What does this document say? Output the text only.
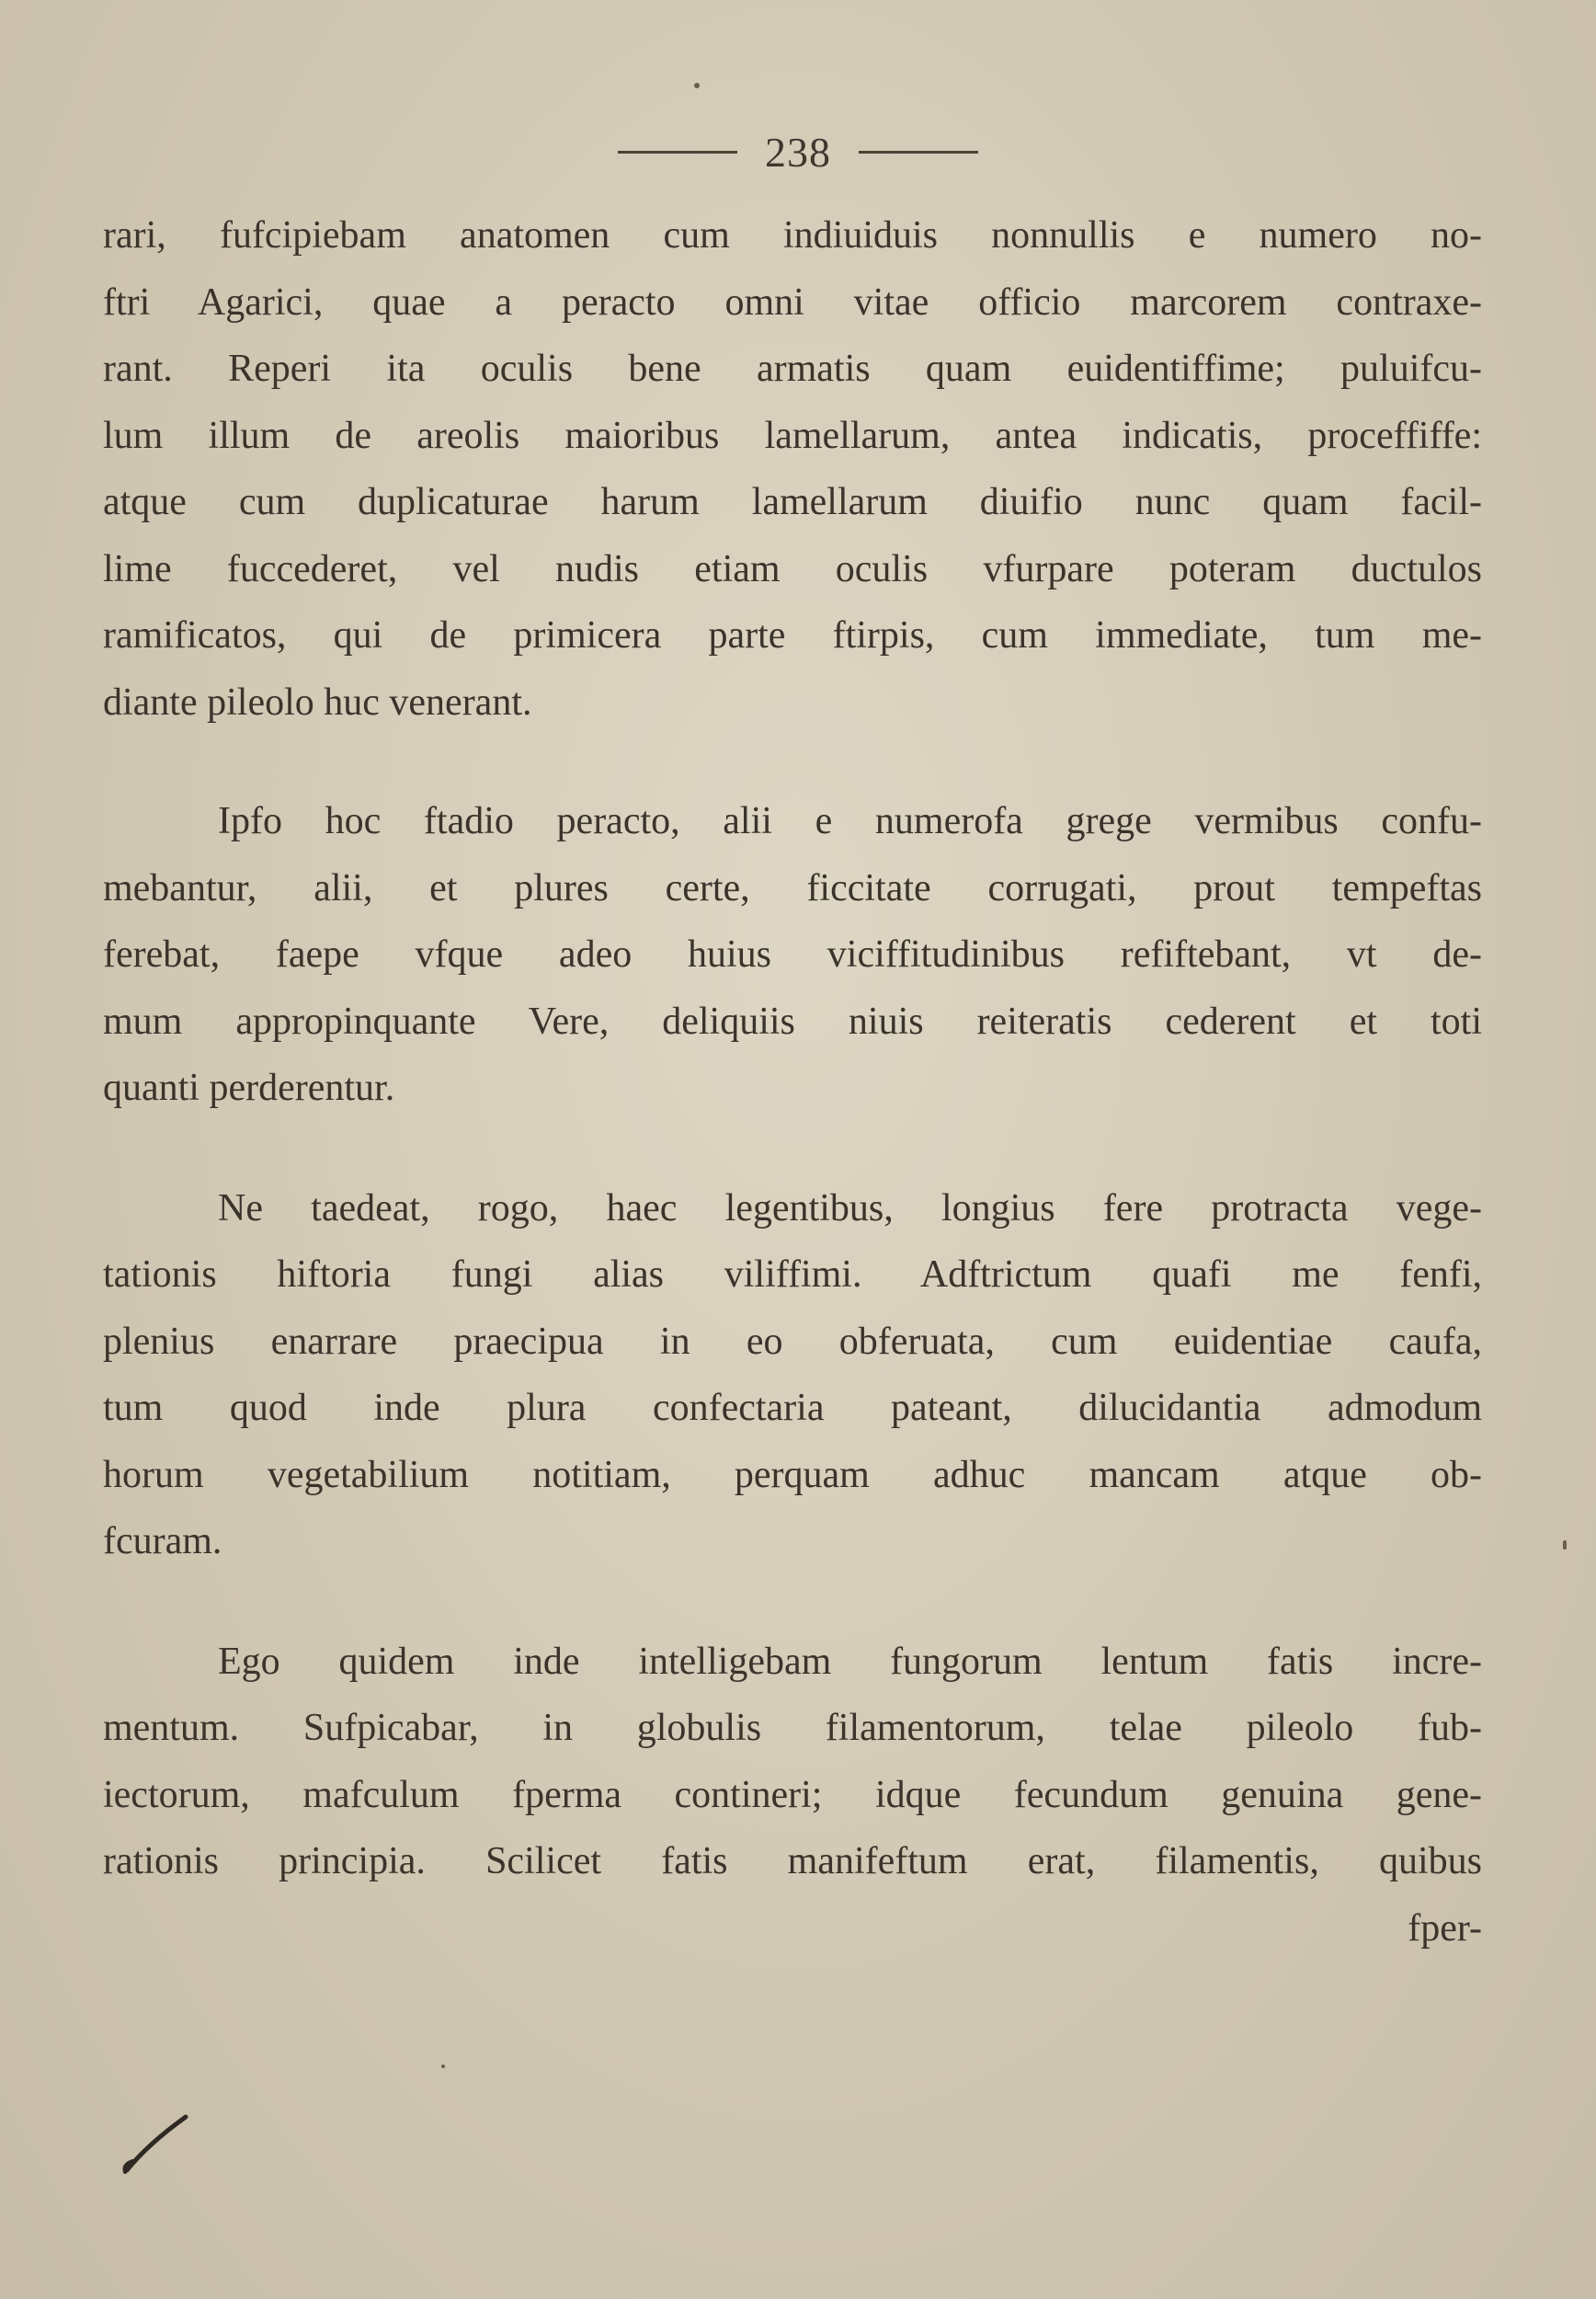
238

rari, fufcipiebam anatomen cum indiuiduis nonnullis e numero no-
ftri Agarici, quae a peracto omni vitae officio marcorem contraxe-
rant. Reperi ita oculis bene armatis quam euidentiffime; puluifcu-
lum illum de areolis maioribus lamellarum, antea indicatis, proceffiffe:
atque cum duplicaturae harum lamellarum diuifio nunc quam facil-
lime fuccederet, vel nudis etiam oculis vfurpare poteram ductulos
ramificatos, qui de primicera parte ftirpis, cum immediate, tum me-
diante pileolo huc venerant.

Ipfo hoc ftadio peracto, alii e numerofa grege vermibus confu-
mebantur, alii, et plures certe, ficcitate corrugati, prout tempeftas
ferebat, faepe vfque adeo huius viciffitudinibus refiftebant, vt de-
mum appropinquante Vere, deliquiis niuis reiteratis cederent et toti
quanti perderentur.

Ne taedeat, rogo, haec legentibus, longius fere protracta vege-
tationis hiftoria fungi alias viliffimi. Adftrictum quafi me fenfi,
plenius enarrare praecipua in eo obferuata, cum euidentiae caufa,
tum quod inde plura confectaria pateant, dilucidantia admodum
horum vegetabilium notitiam, perquam adhuc mancam atque ob-
fcuram.

Ego quidem inde intelligebam fungorum lentum fatis incre-
mentum. Sufpicabar, in globulis filamentorum, telae pileolo fub-
iectorum, mafculum fperma contineri; idque fecundum genuina gene-
rationis principia. Scilicet fatis manifeftum erat, filamentis, quibus
fper-
